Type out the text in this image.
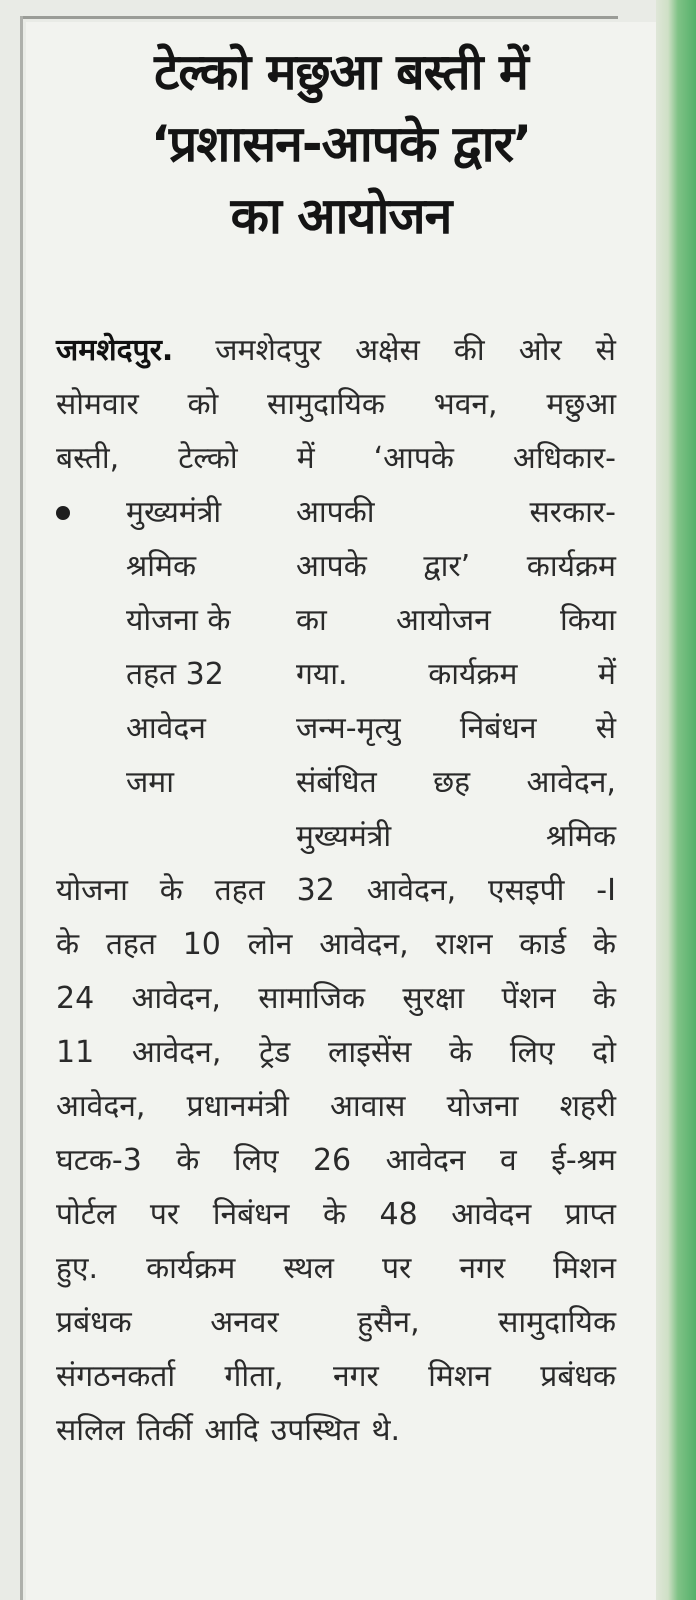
टेल्को मछुआ बस्ती में
‘प्रशासन-आपके द्वार’
का आयोजन
जमशेदपुर. जमशेदपुर अक्षेस की ओर से
सोमवार को सामुदायिक भवन, मछुआ
बस्ती, टेल्को में ‘आपके अधिकार-
मुख्यमंत्री आपकी	सरकार-
श्रमिक	आपके द्वार’ कार्यक्रम
योजना के का आयोजन किया
तहत 32 गया.	कार्यक्रम	में
आवेदन	जन्म-मृत्यु निबंधन से
जमा	संबंधित छह आवेदन,
मुख्यमंत्री	श्रमिक
योजना के तहत 32 आवेदन, एसइपी -I
के तहत 10 लोन आवेदन, राशन कार्ड के
24 आवेदन, सामाजिक सुरक्षा पेंशन के
11 आवेदन, ट्रेड लाइसेंस के लिए दो
आवेदन, प्रधानमंत्री आवास योजना शहरी
घटक-3 के लिए 26 आवेदन व ई-श्रम
पोर्टल पर निबंधन के 48 आवेदन प्राप्त
हुए. कार्यक्रम स्थल पर नगर मिशन
प्रबंधक	अनवर	हुसैन,	सामुदायिक
संगठनकर्ता गीता, नगर मिशन प्रबंधक
सलिल तिर्की आदि उपस्थित थे.
